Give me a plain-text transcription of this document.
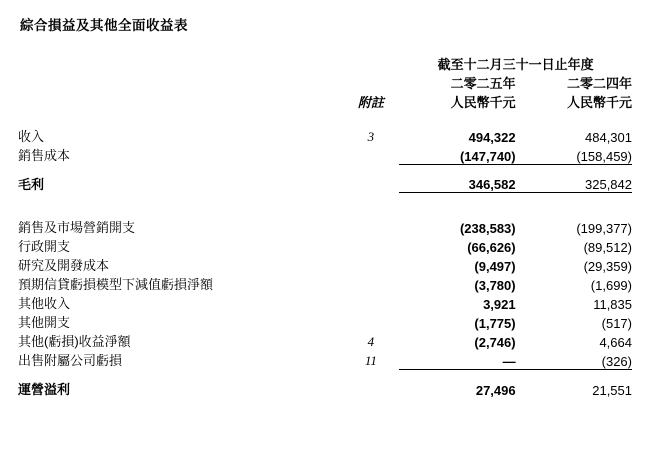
綜合損益及其他全面收益表
		截至十二月三十一日止年度	
		二零二五年	二零二四年
	附註	人民幣千元	人民幣千元

收入	3	494,322	484,301
銷售成本		(147,740)	(158,459)

毛利		346,582	325,842

銷售及市場營銷開支		(238,583)	(199,377)
行政開支		(66,626)	(89,512)
研究及開發成本		(9,497)	(29,359)
預期信貸虧損模型下減值虧損淨額		(3,780)	(1,699)
其他收入		3,921	11,835
其他開支		(1,775)	(517)
其他(虧損)收益淨額	4	(2,746)	4,664
出售附屬公司虧損	11	—	(326)

運營溢利		27,496	21,551
